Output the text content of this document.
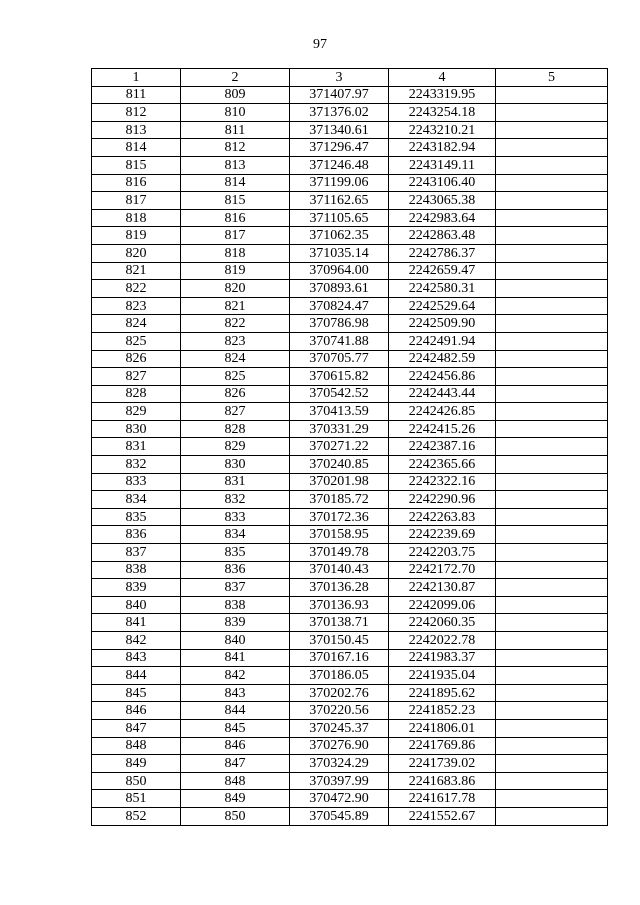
97
1	2	3	4	5
811	809	371407.97	2243319.95	
812	810	371376.02	2243254.18	
813	811	371340.61	2243210.21	
814	812	371296.47	2243182.94	
815	813	371246.48	2243149.11	
816	814	371199.06	2243106.40	
817	815	371162.65	2243065.38	
818	816	371105.65	2242983.64	
819	817	371062.35	2242863.48	
820	818	371035.14	2242786.37	
821	819	370964.00	2242659.47	
822	820	370893.61	2242580.31	
823	821	370824.47	2242529.64	
824	822	370786.98	2242509.90	
825	823	370741.88	2242491.94	
826	824	370705.77	2242482.59	
827	825	370615.82	2242456.86	
828	826	370542.52	2242443.44	
829	827	370413.59	2242426.85	
830	828	370331.29	2242415.26	
831	829	370271.22	2242387.16	
832	830	370240.85	2242365.66	
833	831	370201.98	2242322.16	
834	832	370185.72	2242290.96	
835	833	370172.36	2242263.83	
836	834	370158.95	2242239.69	
837	835	370149.78	2242203.75	
838	836	370140.43	2242172.70	
839	837	370136.28	2242130.87	
840	838	370136.93	2242099.06	
841	839	370138.71	2242060.35	
842	840	370150.45	2242022.78	
843	841	370167.16	2241983.37	
844	842	370186.05	2241935.04	
845	843	370202.76	2241895.62	
846	844	370220.56	2241852.23	
847	845	370245.37	2241806.01	
848	846	370276.90	2241769.86	
849	847	370324.29	2241739.02	
850	848	370397.99	2241683.86	
851	849	370472.90	2241617.78	
852	850	370545.89	2241552.67	
